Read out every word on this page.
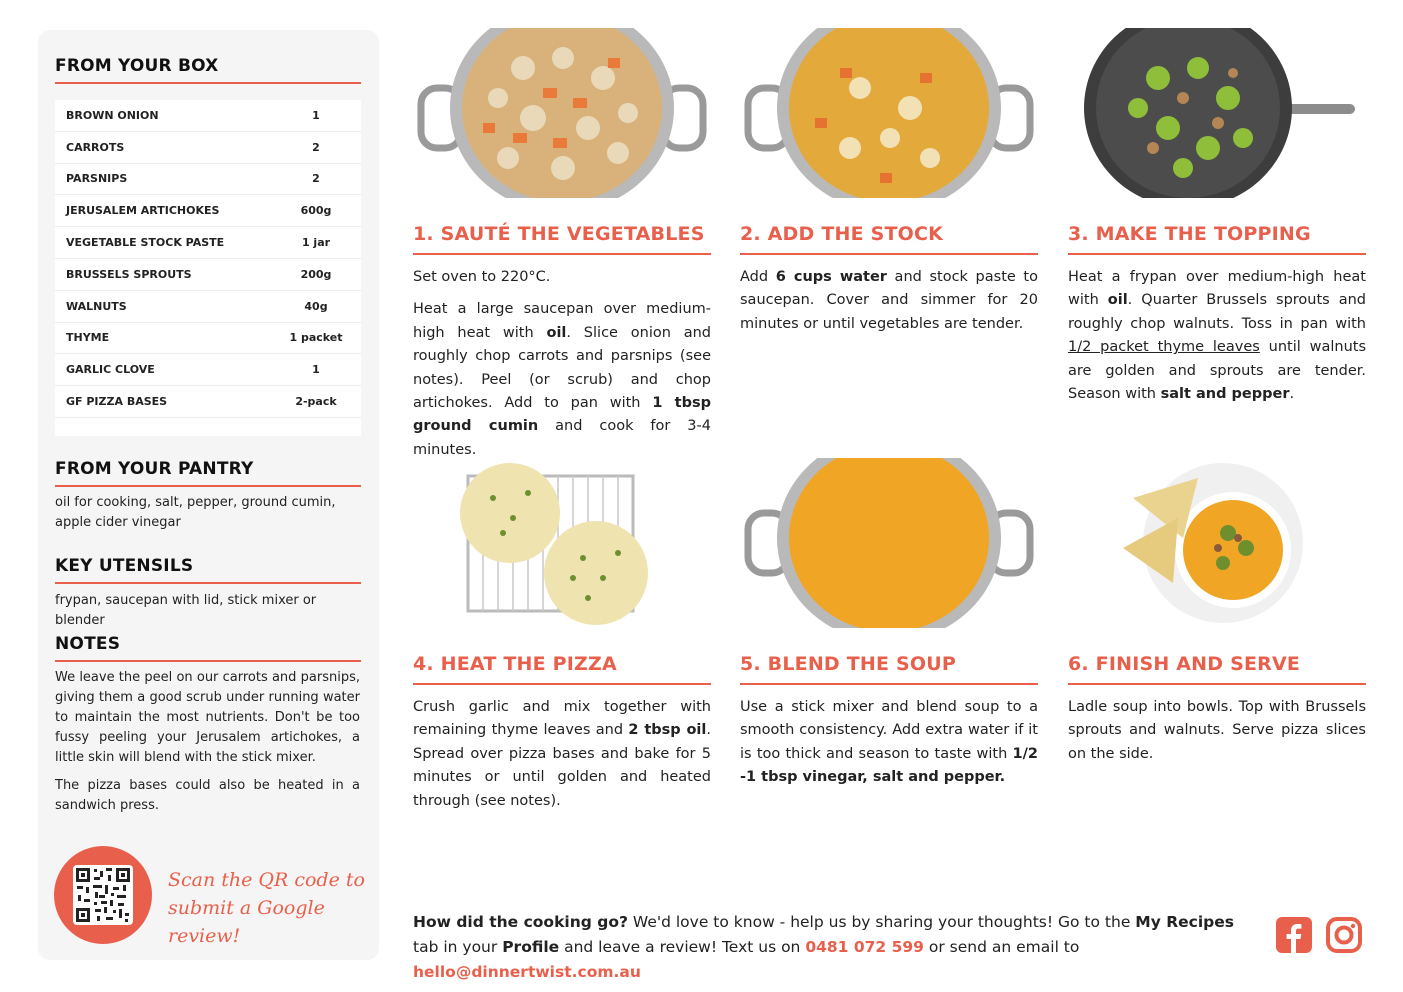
FROM YOUR BOX
BROWN ONION	1
CARROTS	2
PARSNIPS	2
JERUSALEM ARTICHOKES	600g
VEGETABLE STOCK PASTE	1 jar
BRUSSELS SPROUTS	200g
WALNUTS	40g
THYME	1 packet
GARLIC CLOVE	1
GF PIZZA BASES	2-pack
FROM YOUR PANTRY
oil for cooking, salt, pepper, ground cumin, apple cider vinegar
KEY UTENSILS
frypan, saucepan with lid, stick mixer or blender
NOTES
We leave the peel on our carrots and parsnips, giving them a good scrub under running water to maintain the most nutrients. Don't be too fussy peeling your Jerusalem artichokes, a little skin will blend with the stick mixer.
The pizza bases could also be heated in a sandwich press.
Scan the QR code to
submit a Google review!
1. SAUTÉ THE VEGETABLES 2. ADD THE STOCK	3. MAKE THE TOPPING
4. HEAT THE PIZZA	5. BLEND THE SOUP	6. FINISH AND SERVE

Set oven to 220°C.

Heat a large saucepan over medium-high heat with oil. Slice onion and roughly chop carrots and parsnips (see notes). Peel (or scrub) and chop artichokes. Add to pan with 1 tbsp ground cumin and cook for 3-4 minutes.

Add 6 cups water and stock paste to saucepan. Cover and simmer for 20 minutes or until vegetables are tender.

Heat a frypan over medium-high heat with oil. Quarter Brussels sprouts and roughly chop walnuts. Toss in pan with 1/2 packet thyme leaves until walnuts are golden and sprouts are tender. Season with salt and pepper.

Crush garlic and mix together with remaining thyme leaves and 2 tbsp oil. Spread over pizza bases and bake for 5 minutes or until golden and heated through (see notes).

Use a stick mixer and blend soup to a smooth consistency. Add extra water if it is too thick and season to taste with 1/2 -1 tbsp vinegar, salt and pepper.

Ladle soup into bowls. Top with Brussels sprouts and walnuts. Serve pizza slices on the side.

How did the cooking go? We'd love to know - help us by sharing your thoughts! Go to the My Recipes tab in your Profile and leave a review! Text us on 0481 072 599 or send an email to hello@dinnertwist.com.au
